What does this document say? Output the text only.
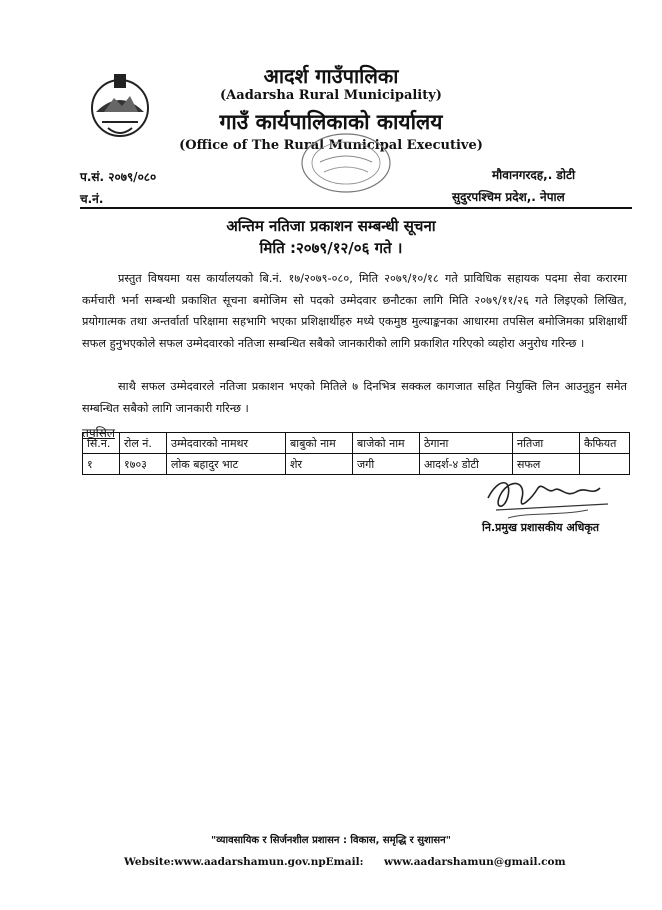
आदर्श गाउँपालिका
(Aadarsha Rural Municipality)
गाउँ कार्यपालिकाको कार्यालय
(Office of The Rural Municipal Executive)
प.सं. २०७९/०८०
च.नं.
मौवानगरदह,. डोटी
सुदुरपश्चिम प्रदेश,. नेपाल
अन्तिम नतिजा प्रकाशन सम्बन्धी सूचना
मिति :२०७९/१२/०६ गते ।
प्रस्तुत विषयमा यस कार्यालयको बि.नं. १७/२०७९-०८०, मिति २०७९/१०/१८ गते प्राविधिक सहायक पदमा सेवा करारमा कर्मचारी भर्ना सम्बन्धी प्रकाशित सूचना बमोजिम सो पदको उम्मेदवार छनौटका लागि मिति २०७९/११/२६ गते लिइएको लिखित, प्रयोगात्मक तथा अन्तर्वार्ता परिक्षामा सहभागि भएका प्रशिक्षार्थीहरु मध्ये एकमुष्ठ मुल्याङ्कनका आधारमा तपसिल बमोजिमका प्रशिक्षार्थी सफल हुनुभएकोले सफल उम्मेदवारको नतिजा सम्बन्धित सबैको जानकारीको लागि प्रकाशित गरिएको व्यहोरा अनुरोध गरिन्छ ।
साथै सफल उम्मेदवारले नतिजा प्रकाशन भएको मितिले ७ दिनभित्र सक्कल कागजात सहित नियुक्ति लिन आउनुहुन समेत सम्बन्धित सबैको लागि जानकारी गरिन्छ ।
तपसिल
सि.नं.	रोल नं.	उम्मेदवारको नामथर	बाबुको नाम	बाजेको नाम	ठेगाना	नतिजा	कैफियत
१	१७०३	लोक बहादुर भाट	शेर	जगी	आदर्श-४ डोटी	सफल	
नि.प्रमुख प्रशासकीय अधिकृत
"व्यावसायिक र सिर्जनशील प्रशासन : विकास, समृद्धि र सुशासन"
Website:www.aadarshamun.gov.npEmail: www.aadarshamun@gmail.com
